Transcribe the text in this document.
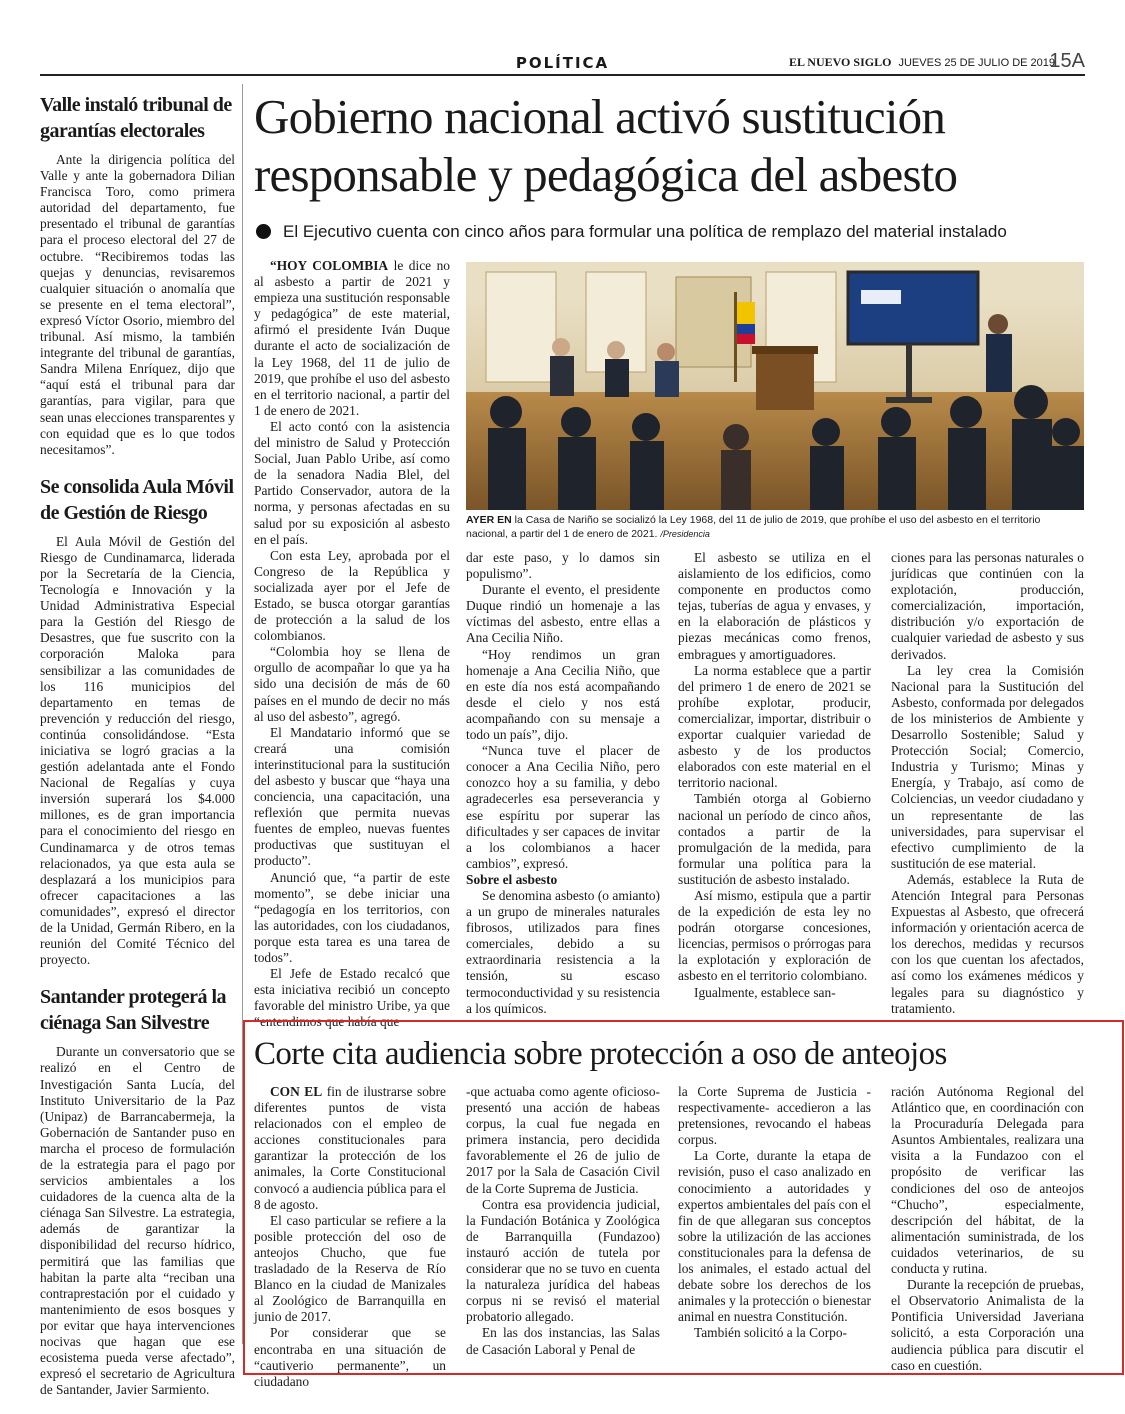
POLÍTICA	EL NUEVO SIGLO JUEVES 25 DE JULIO DE 2019
15A
Valle instaló tribunal de garantías electorales

Ante la dirigencia política del Valle y ante la gobernadora Dilian Francisca Toro, como primera autoridad del departamento, fue presentado el tribunal de garantías para el proceso electoral del 27 de octubre. “Recibiremos todas las quejas y denuncias, revisaremos cualquier situación o anomalía que se presente en el tema electoral”, expresó Víctor Osorio, miembro del tribunal. Así mismo, la también integrante del tribunal de garantías, Sandra Milena Enríquez, dijo que “aquí está el tribunal para dar garantías, para vigilar, para que sean unas elecciones transparentes y con equidad que es lo que todos necesitamos”.

Se consolida Aula Móvil de Gestión de Riesgo

El Aula Móvil de Gestión del Riesgo de Cundinamarca, liderada por la Secretaría de la Ciencia, Tecnología e Innovación y la Unidad Administrativa Especial para la Gestión del Riesgo de Desastres, que fue suscrito con la corporación Maloka para sensibilizar a las comunidades de los 116 municipios del departamento en temas de prevención y reducción del riesgo, continúa consolidándose. “Esta iniciativa se logró gracias a la gestión adelantada ante el Fondo Nacional de Regalías y cuya inversión superará los $4.000 millones, es de gran importancia para el conocimiento del riesgo en Cundinamarca y de otros temas relacionados, ya que esta aula se desplazará a los municipios para ofrecer capacitaciones a las comunidades”, expresó el director de la Unidad, Germán Ribero, en la reunión del Comité Técnico del proyecto.

Santander protegerá la ciénaga San Silvestre

Durante un conversatorio que se realizó en el Centro de Investigación Santa Lucía, del Instituto Universitario de la Paz (Unipaz) de Barrancabermeja, la Gobernación de Santander puso en marcha el proceso de formulación de la estrategia para el pago por servicios ambientales a los cuidadores de la cuenca alta de la ciénaga San Silvestre. La estrategia, además de garantizar la disponibilidad del recurso hídrico, permitirá que las familias que habitan la parte alta “reciban una contraprestación por el cuidado y mantenimiento de esos bosques y por evitar que haya intervenciones nocivas que hagan que ese ecosistema pueda verse afectado”, expresó el secretario de Agricultura de Santander, Javier Sarmiento.

Gobierno nacional activó sustitución responsable y pedagógica del asbesto
El Ejecutivo cuenta con cinco años para formular una política de remplazo del material instalado

“HOY COLOMBIA le dice no al asbesto a partir de 2021 y empieza una sustitución responsable y pedagógica” de este material, afirmó el presidente Iván Duque durante el acto de socialización de la Ley 1968, del 11 de julio de 2019, que prohíbe el uso del asbesto en el territorio nacional, a partir del 1 de enero de 2021.

El acto contó con la asistencia del ministro de Salud y Protección Social, Juan Pablo Uribe, así como de la senadora Nadia Blel, del Partido Conservador, autora de la norma, y personas afectadas en su salud por su exposición al asbesto en el país.

Con esta Ley, aprobada por el Congreso de la República y socializada ayer por el Jefe de Estado, se busca otorgar garantías de protección a la salud de los colombianos.

“Colombia hoy se llena de orgullo de acompañar lo que ya ha sido una decisión de más de 60 países en el mundo de decir no más al uso del asbesto”, agregó.

El Mandatario informó que se creará una comisión interinstitucional para la sustitución del asbesto y buscar que “haya una conciencia, una capacitación, una reflexión que permita nuevas fuentes de empleo, nuevas fuentes productivas que sustituyan el producto”.

Anunció que, “a partir de este momento”, se debe iniciar una “pedagogía en los territorios, con las autoridades, con los ciudadanos, porque esta tarea es una tarea de todos”.

El Jefe de Estado recalcó que esta iniciativa recibió un concepto favorable del ministro Uribe, ya que “entendimos que había que

AYER EN la Casa de Nariño se socializó la Ley 1968, del 11 de julio de 2019, que prohíbe el uso del asbesto en el territorio nacional, a partir del 1 de enero de 2021. /Presidencia

dar este paso, y lo damos sin populismo”.

Durante el evento, el presidente Duque rindió un homenaje a las víctimas del asbesto, entre ellas a Ana Cecilia Niño.

“Hoy rendimos un gran homenaje a Ana Cecilia Niño, que en este día nos está acompañando desde el cielo y nos está acompañando con su mensaje a todo un país”, dijo.

“Nunca tuve el placer de conocer a Ana Cecilia Niño, pero conozco hoy a su familia, y debo agradecerles esa perseverancia y ese espíritu por superar las dificultades y ser capaces de invitar a los colombianos a hacer cambios”, expresó.

Sobre el asbesto

Se denomina asbesto (o amianto) a un grupo de minerales naturales fibrosos, utilizados para fines comerciales, debido a su extraordinaria resistencia a la tensión, su escaso termoconductividad y su resistencia a los químicos.

El asbesto se utiliza en el aislamiento de los edificios, como componente en productos como tejas, tuberías de agua y envases, y en la elaboración de plásticos y piezas mecánicas como frenos, embragues y amortiguadores.

La norma establece que a partir del primero 1 de enero de 2021 se prohíbe explotar, producir, comercializar, importar, distribuir o exportar cualquier variedad de asbesto y de los productos elaborados con este material en el territorio nacional.

También otorga al Gobierno nacional un período de cinco años, contados a partir de la promulgación de la medida, para formular una política para la sustitución de asbesto instalado.

Así mismo, estipula que a partir de la expedición de esta ley no podrán otorgarse concesiones, licencias, permisos o prórrogas para la explotación y exploración de asbesto en el territorio colombiano.

Igualmente, establece san-

ciones para las personas naturales o jurídicas que continúen con la explotación, producción, comercialización, importación, distribución y/o exportación de cualquier variedad de asbesto y sus derivados.

La ley crea la Comisión Nacional para la Sustitución del Asbesto, conformada por delegados de los ministerios de Ambiente y Desarrollo Sostenible; Salud y Protección Social; Comercio, Industria y Turismo; Minas y Energía, y Trabajo, así como de Colciencias, un veedor ciudadano y un representante de las universidades, para supervisar el efectivo cumplimiento de la sustitución de ese material.

Además, establece la Ruta de Atención Integral para Personas Expuestas al Asbesto, que ofrecerá información y orientación acerca de los derechos, medidas y recursos con los que cuentan los afectados, así como los exámenes médicos y legales para su diagnóstico y tratamiento.

Corte cita audiencia sobre protección a oso de anteojos

CON EL fin de ilustrarse sobre diferentes puntos de vista relacionados con el empleo de acciones constitucionales para garantizar la protección de los animales, la Corte Constitucional convocó a audiencia pública para el 8 de agosto.

El caso particular se refiere a la posible protección del oso de anteojos Chucho, que fue trasladado de la Reserva de Río Blanco en la ciudad de Manizales al Zoológico de Barranquilla en junio de 2017.

Por considerar que se encontraba en una situación de “cautiverio permanente”, un ciudadano

-que actuaba como agente oficioso- presentó una acción de habeas corpus, la cual fue negada en primera instancia, pero decidida favorablemente el 26 de julio de 2017 por la Sala de Casación Civil de la Corte Suprema de Justicia.

Contra esa providencia judicial, la Fundación Botánica y Zoológica de Barranquilla (Fundazoo) instauró acción de tutela por considerar que no se tuvo en cuenta la naturaleza jurídica del habeas corpus ni se revisó el material probatorio allegado.

En las dos instancias, las Salas de Casación Laboral y Penal de

la Corte Suprema de Justicia -respectivamente- accedieron a las pretensiones, revocando el habeas corpus.

La Corte, durante la etapa de revisión, puso el caso analizado en conocimiento a autoridades y expertos ambientales del país con el fin de que allegaran sus conceptos sobre la utilización de las acciones constitucionales para la defensa de los animales, el estado actual del debate sobre los derechos de los animales y la protección o bienestar animal en nuestra Constitución.

También solicitó a la Corpo-

ración Autónoma Regional del Atlántico que, en coordinación con la Procuraduría Delegada para Asuntos Ambientales, realizara una visita a la Fundazoo con el propósito de verificar las condiciones del oso de anteojos “Chucho”, especialmente, descripción del hábitat, de la alimentación suministrada, de los cuidados veterinarios, de su conducta y rutina.

Durante la recepción de pruebas, el Observatorio Animalista de la Pontificia Universidad Javeriana solicitó, a esta Corporación una audiencia pública para discutir el caso en cuestión.
